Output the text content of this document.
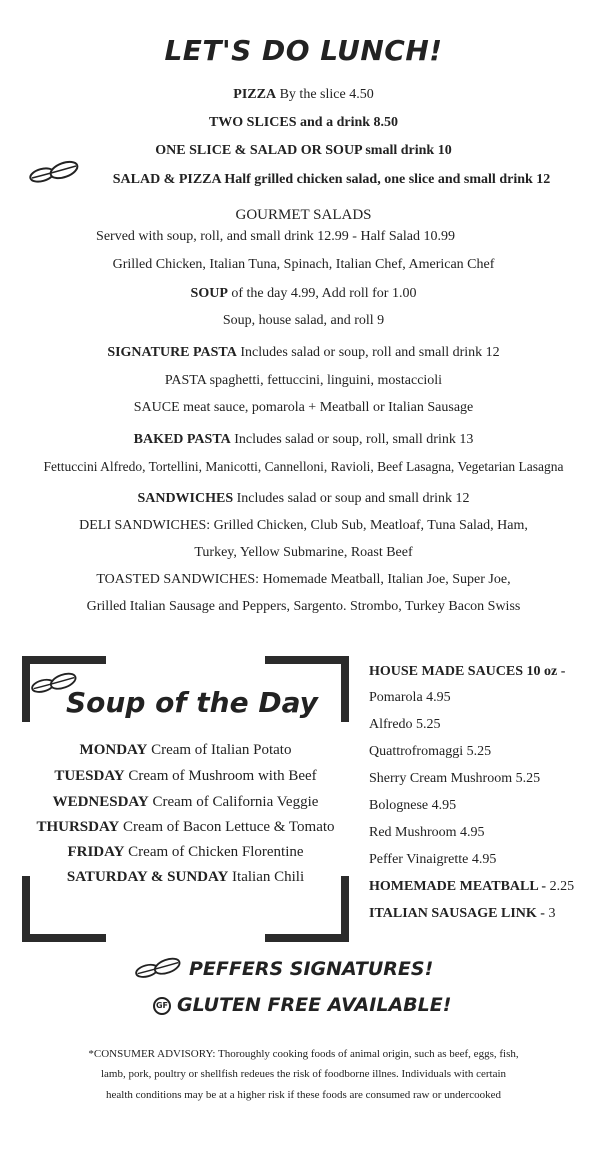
LET'S DO LUNCH!
PIZZA By the slice 4.50
TWO SLICES and a drink 8.50
ONE SLICE & SALAD OR SOUP small drink 10
SALAD & PIZZA Half grilled chicken salad, one slice and small drink 12
GOURMET SALADS
Served with soup, roll, and small drink 12.99 - Half Salad 10.99
Grilled Chicken, Italian Tuna, Spinach, Italian Chef, American Chef
SOUP of the day 4.99, Add roll for 1.00
Soup, house salad, and roll 9
SIGNATURE PASTA Includes salad or soup, roll and small drink 12
PASTA spaghetti, fettuccini, linguini, mostaccioli
SAUCE meat sauce, pomarola + Meatball or Italian Sausage
BAKED PASTA Includes salad or soup, roll, small drink 13
Fettuccini Alfredo, Tortellini, Manicotti, Cannelloni, Ravioli, Beef Lasagna, Vegetarian Lasagna
SANDWICHES Includes salad or soup and small drink 12
DELI SANDWICHES: Grilled Chicken, Club Sub, Meatloaf, Tuna Salad, Ham,
Turkey, Yellow Submarine, Roast Beef
TOASTED SANDWICHES: Homemade Meatball, Italian Joe, Super Joe,
Grilled Italian Sausage and Peppers, Sargento. Strombo, Turkey Bacon Swiss
Soup of the Day
MONDAY Cream of Italian Potato
TUESDAY Cream of Mushroom with Beef
WEDNESDAY Cream of California Veggie
THURSDAY Cream of Bacon Lettuce & Tomato
FRIDAY Cream of Chicken Florentine
SATURDAY & SUNDAY Italian Chili
HOUSE MADE SAUCES 10 oz -
Pomarola 4.95
Alfredo 5.25
Quattrofromaggi 5.25
Sherry Cream Mushroom 5.25
Bolognese 4.95
Red Mushroom 4.95
Peffer Vinaigrette 4.95
HOMEMADE MEATBALL - 2.25
ITALIAN SAUSAGE LINK - 3
PEFFERS SIGNATURES!
GF GLUTEN FREE AVAILABLE!
*CONSUMER ADVISORY: Thoroughly cooking foods of animal origin, such as beef, eggs, fish,
lamb, pork, poultry or shellfish redeues the risk of foodborne illnes. Individuals with certain
health conditions may be at a higher risk if these foods are consumed raw or undercooked
